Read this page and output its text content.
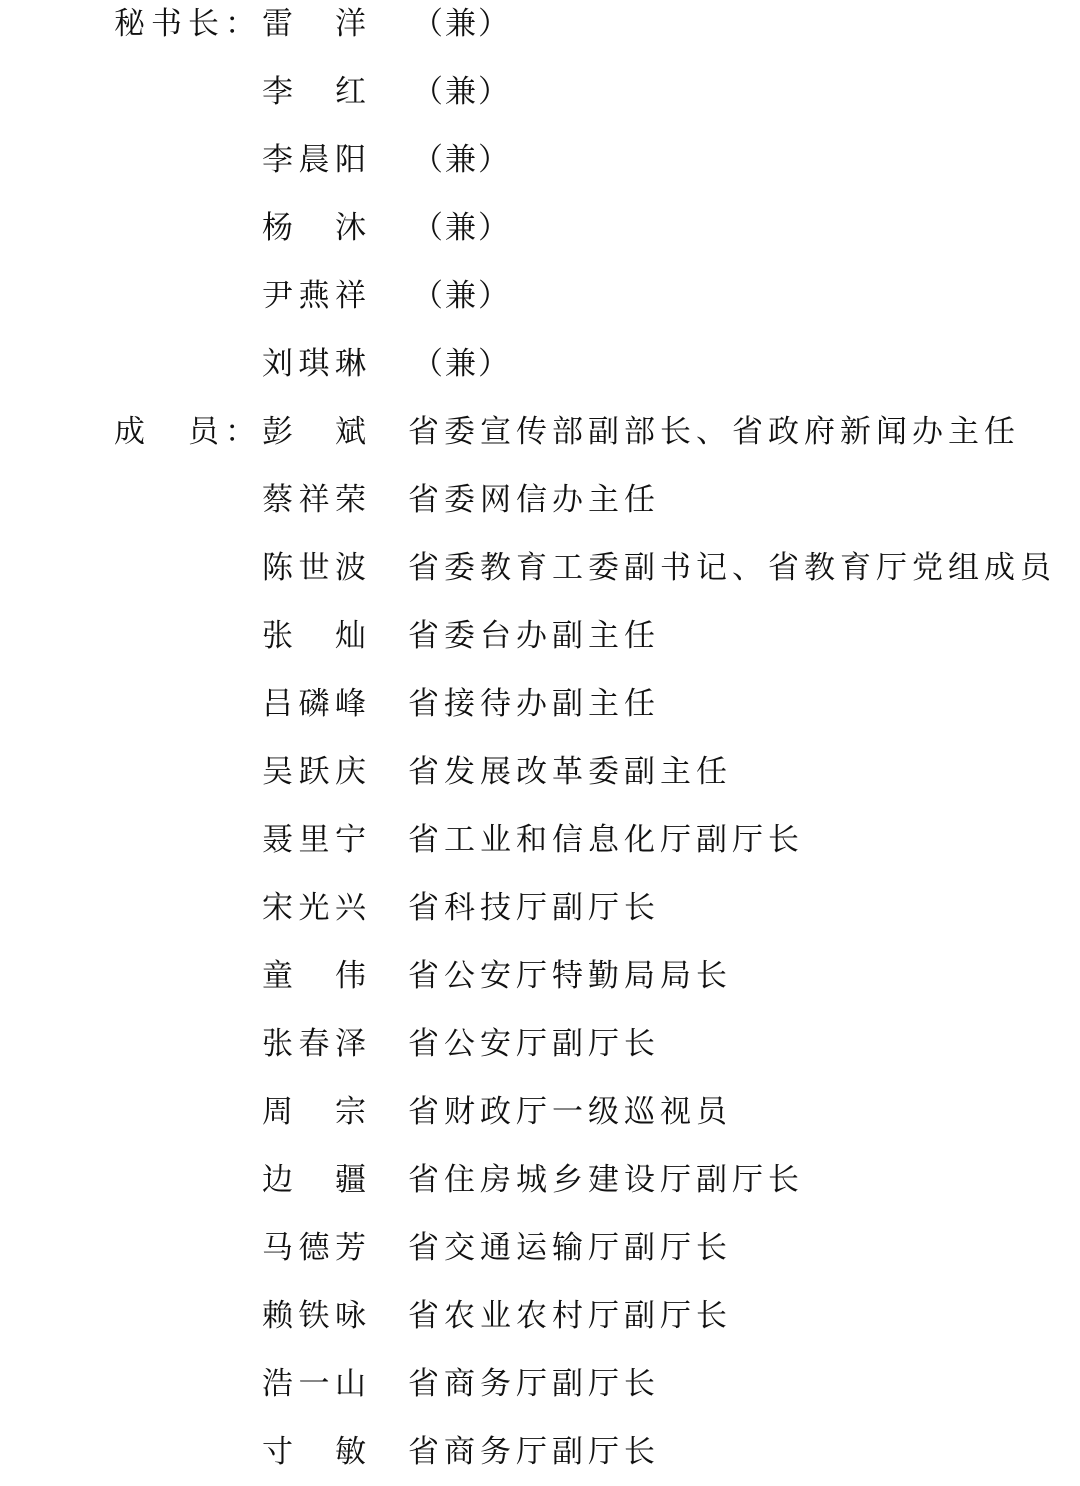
秘书长： 雷 洋 （兼）
李 红 （兼）
李 晨 阳 （兼）
杨 沐 （兼）
尹 燕 祥 （兼）
刘 琪 琳 （兼）
成　员： 彭 斌 省委宣传部副部长、省政府新闻办主任
蔡 祥 荣 省委网信办主任
陈 世 波 省委教育工委副书记、省教育厅党组成员
张 灿 省委台办副主任
吕 磷 峰 省接待办副主任
吴 跃 庆 省发展改革委副主任
聂 里 宁 省工业和信息化厅副厅长
宋 光 兴 省科技厅副厅长
童 伟 省公安厅特勤局局长
张 春 泽 省公安厅副厅长
周 宗 省财政厅一级巡视员
边 疆 省住房城乡建设厅副厅长
马 德 芳 省交通运输厅副厅长
赖 铁 咏 省农业农村厅副厅长
浩 一 山 省商务厅副厅长
寸 敏 省商务厅副厅长
